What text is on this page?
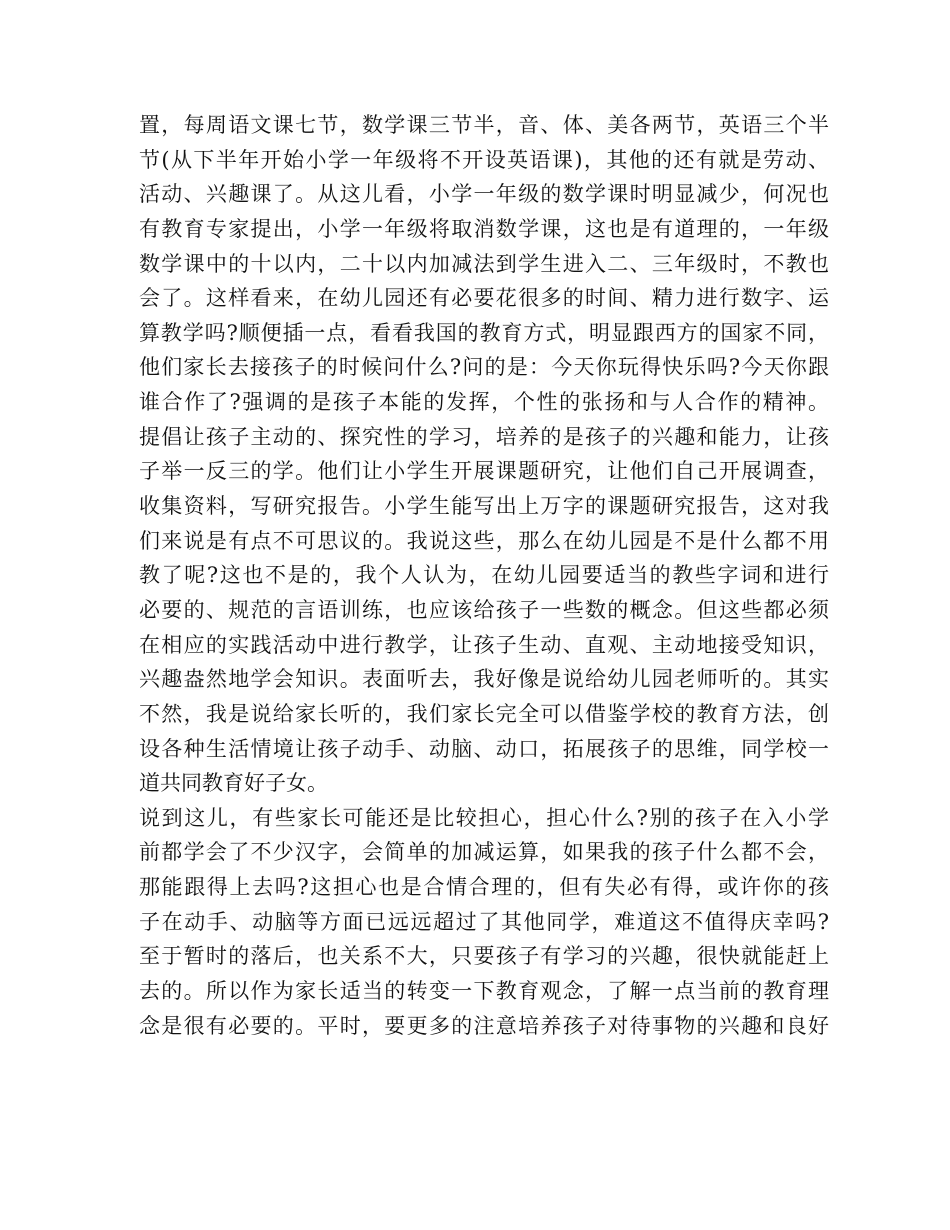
置，每周语文课七节，数学课三节半，音、体、美各两节，英语三个半
节(从下半年开始小学一年级将不开设英语课)，其他的还有就是劳动、
活动、兴趣课了。从这儿看，小学一年级的数学课时明显减少，何况也
有教育专家提出，小学一年级将取消数学课，这也是有道理的，一年级
数学课中的十以内，二十以内加减法到学生进入二、三年级时，不教也
会了。这样看来，在幼儿园还有必要花很多的时间、精力进行数字、运
算教学吗?顺便插一点，看看我国的教育方式，明显跟西方的国家不同，
他们家长去接孩子的时候问什么?问的是：今天你玩得快乐吗?今天你跟
谁合作了?强调的是孩子本能的发挥，个性的张扬和与人合作的精神。
提倡让孩子主动的、探究性的学习，培养的是孩子的兴趣和能力，让孩
子举一反三的学。他们让小学生开展课题研究，让他们自己开展调查，
收集资料，写研究报告。小学生能写出上万字的课题研究报告，这对我
们来说是有点不可思议的。我说这些，那么在幼儿园是不是什么都不用
教了呢?这也不是的，我个人认为，在幼儿园要适当的教些字词和进行
必要的、规范的言语训练，也应该给孩子一些数的概念。但这些都必须
在相应的实践活动中进行教学，让孩子生动、直观、主动地接受知识，
兴趣盎然地学会知识。表面听去，我好像是说给幼儿园老师听的。其实
不然，我是说给家长听的，我们家长完全可以借鉴学校的教育方法，创
设各种生活情境让孩子动手、动脑、动口，拓展孩子的思维，同学校一
道共同教育好子女。
说到这儿，有些家长可能还是比较担心，担心什么?别的孩子在入小学
前都学会了不少汉字，会简单的加减运算，如果我的孩子什么都不会，
那能跟得上去吗?这担心也是合情合理的，但有失必有得，或许你的孩
子在动手、动脑等方面已远远超过了其他同学，难道这不值得庆幸吗?
至于暂时的落后，也关系不大，只要孩子有学习的兴趣，很快就能赶上
去的。所以作为家长适当的转变一下教育观念，了解一点当前的教育理
念是很有必要的。平时，要更多的注意培养孩子对待事物的兴趣和良好
